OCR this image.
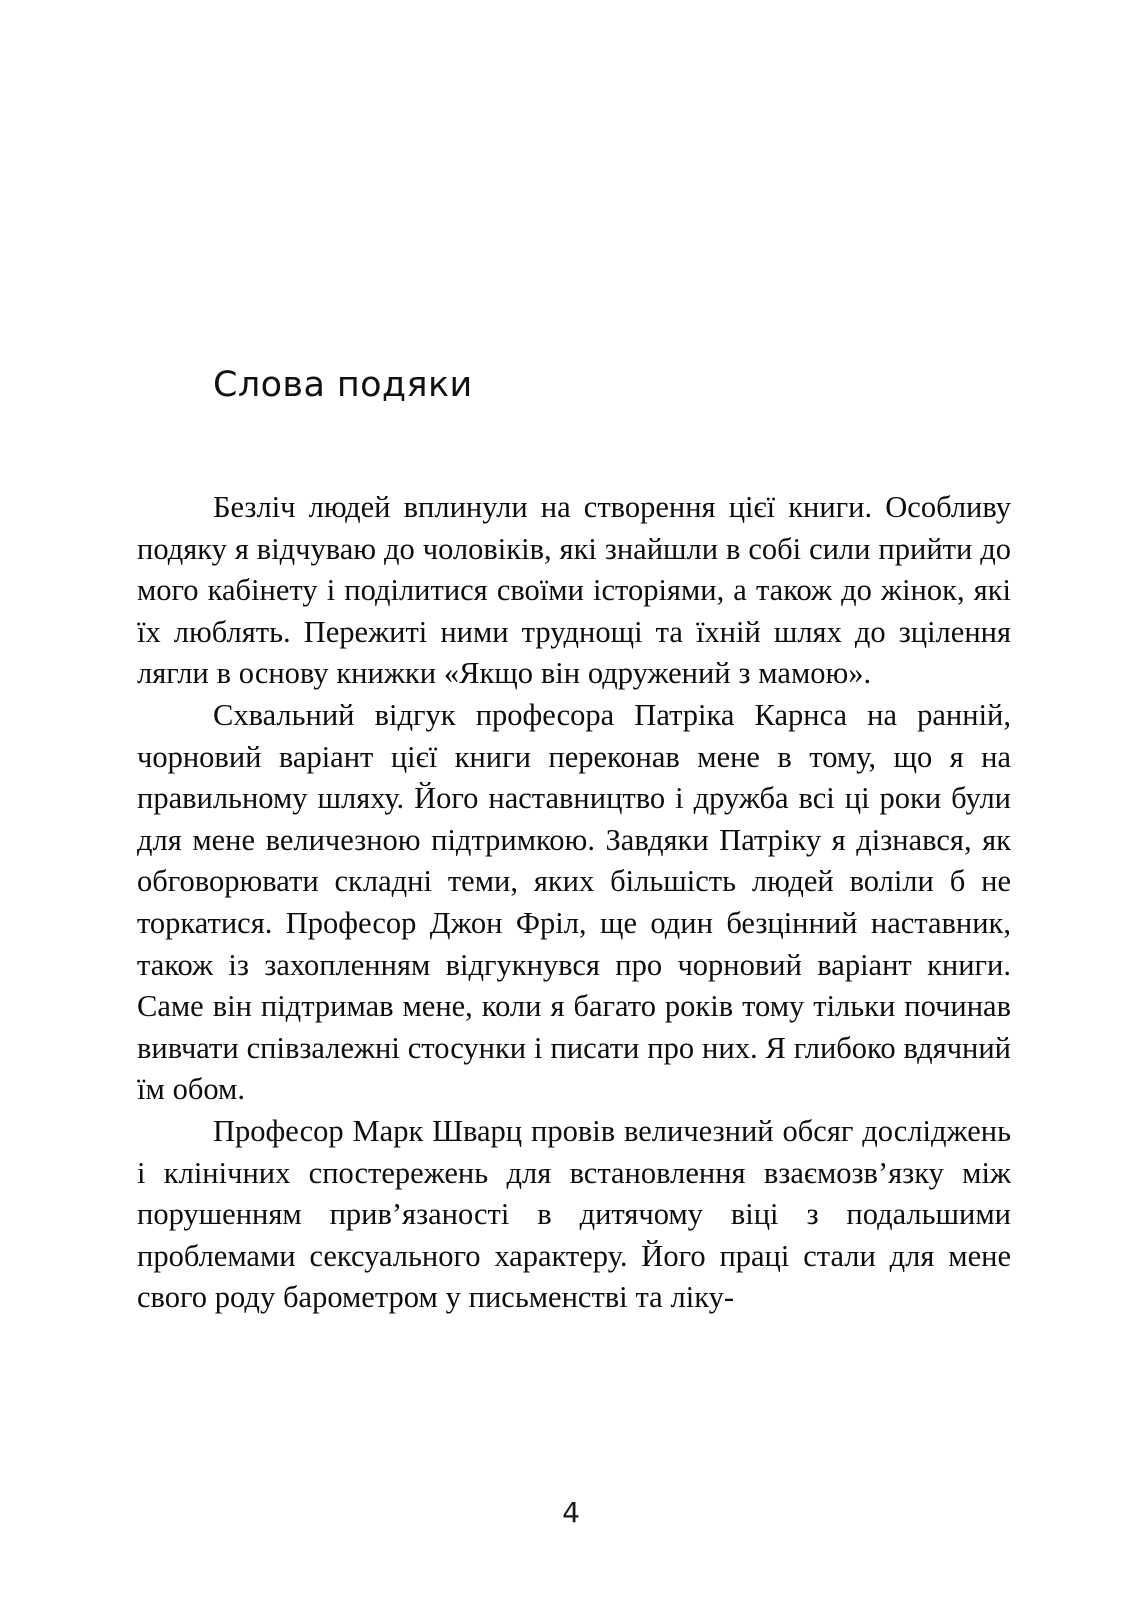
Слова подяки

Безліч людей вплинули на створення цієї книги. Особливу подяку я відчуваю до чоловіків, які знайшли в собі сили прийти до мого кабінету і поділитися своїми історіями, а також до жінок, які їх люблять. Пережиті ними труднощі та їхній шлях до зцілення лягли в основу книжки «Якщо він одружений з мамою».

Схвальний відгук професора Патріка Карнса на ранній, чорновий варіант цієї книги переконав мене в тому, що я на правильному шляху. Його наставництво і дружба всі ці роки були для мене величезною підтримкою. Завдяки Патріку я дізнався, як обговорювати складні теми, яких більшість людей воліли б не торкатися. Професор Джон Фріл, ще один безцінний наставник, також із захопленням відгукнувся про чорновий варіант книги. Саме він підтримав мене, коли я багато років тому тільки починав вивчати співзалежні стосунки і писати про них. Я глибоко вдячний їм обом.

Професор Марк Шварц провів величезний обсяг досліджень і клінічних спостережень для встановлення взаємозв’язку між порушенням прив’язаності в дитячому віці з подальшими проблемами сексуального характеру. Його праці стали для мене свого роду барометром у письменстві та ліку-

4
